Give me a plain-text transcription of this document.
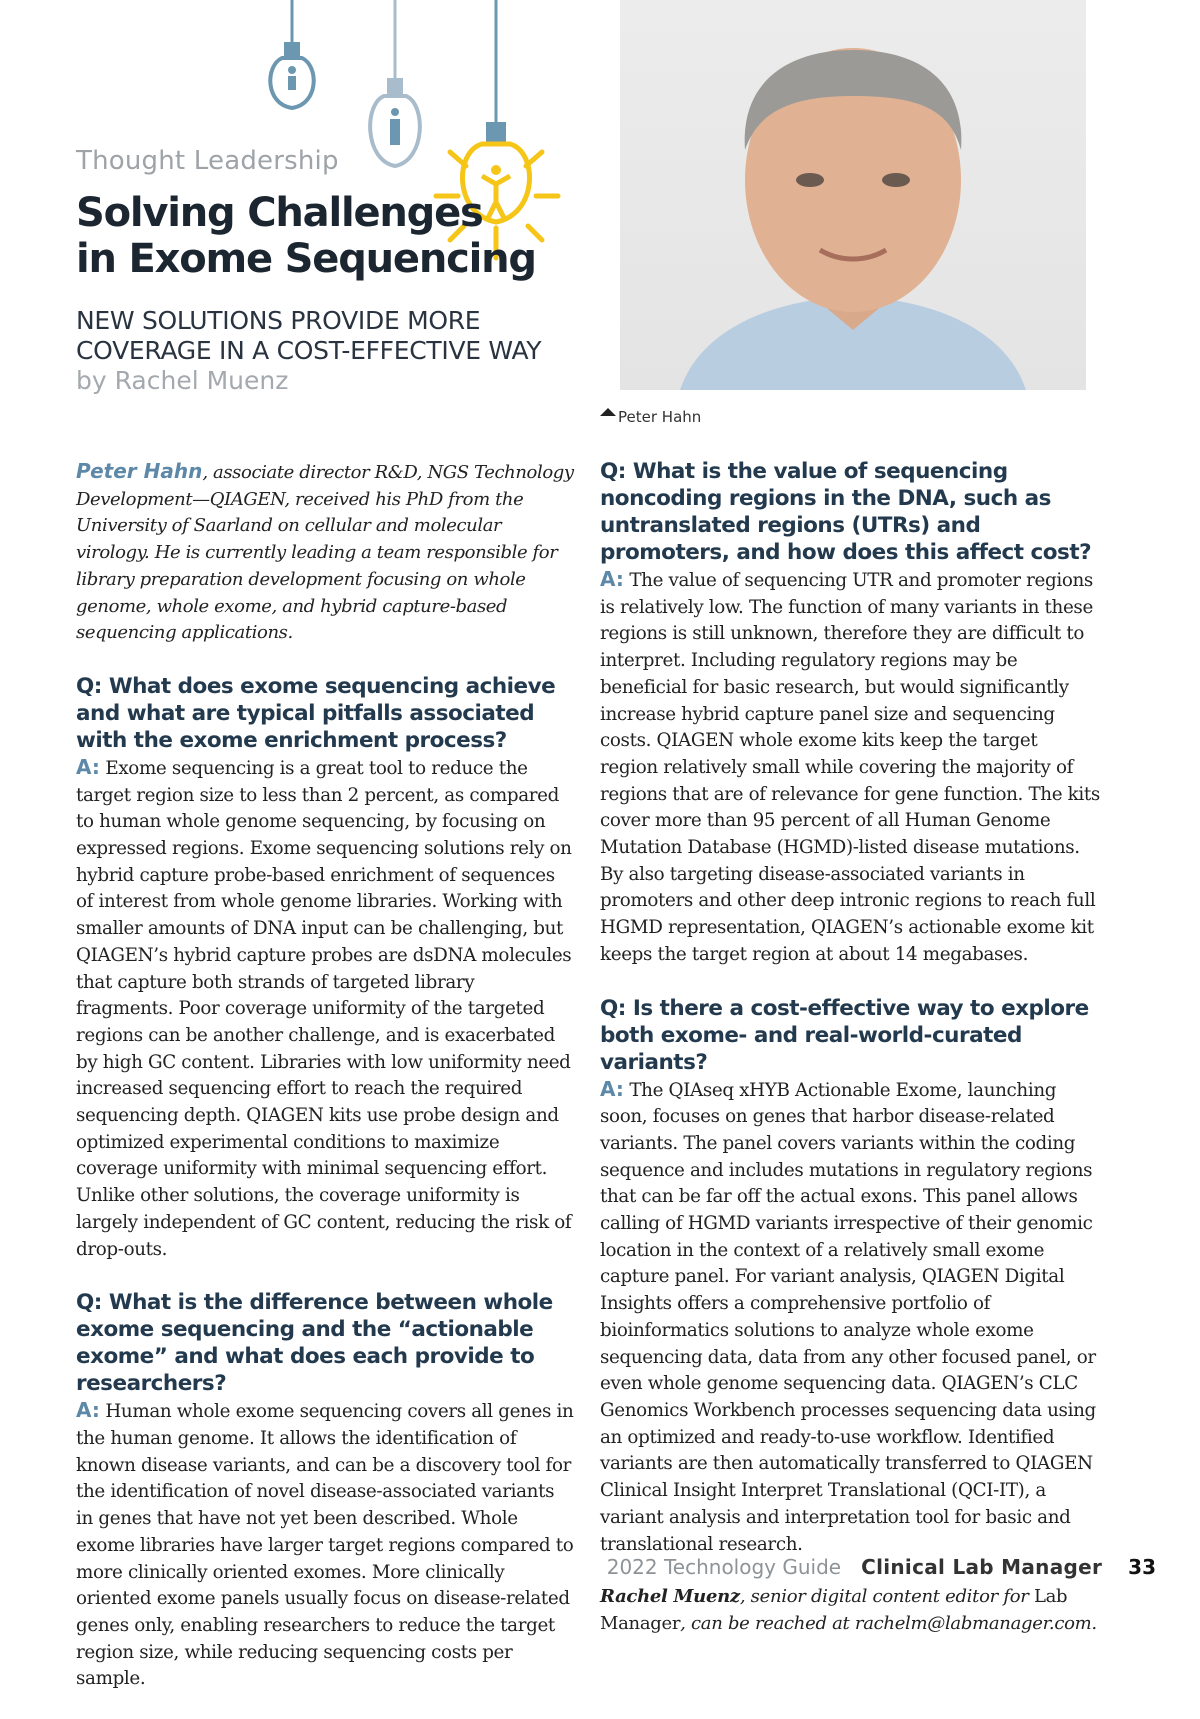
Thought Leadership
Solving Challenges
in Exome Sequencing
NEW SOLUTIONS PROVIDE MORE
COVERAGE IN A COST-EFFECTIVE WAY
by Rachel Muenz
Peter Hahn

Peter Hahn, associate director R&D, NGS Technology Development—QIAGEN, received his PhD from the University of Saarland on cellular and molecular virology. He is currently leading a team responsible for library preparation development focusing on whole genome, whole exome, and hybrid capture-based sequencing applications.

Q: What does exome sequencing achieve and what are typical pitfalls associated with the exome enrichment process?

A: Exome sequencing is a great tool to reduce the target region size to less than 2 percent, as compared to human whole genome sequencing, by focusing on expressed regions. Exome sequencing solutions rely on hybrid capture probe-based enrichment of sequences of interest from whole genome libraries. Working with smaller amounts of DNA input can be challenging, but QIAGEN’s hybrid capture probes are dsDNA molecules that capture both strands of targeted library fragments. Poor coverage uniformity of the targeted regions can be another challenge, and is exacerbated by high GC content. Libraries with low uniformity need increased sequencing effort to reach the required sequencing depth. QIAGEN kits use probe design and optimized experimental conditions to maximize coverage uniformity with minimal sequencing effort. Unlike other solutions, the coverage uniformity is largely independent of GC content, reducing the risk of drop-outs.

Q: What is the difference between whole exome sequencing and the “actionable exome” and what does each provide to researchers?

A: Human whole exome sequencing covers all genes in the human genome. It allows the identification of known disease variants, and can be a discovery tool for the identification of novel disease-associated variants in genes that have not yet been described. Whole exome libraries have larger target regions compared to more clinically oriented exomes. More clinically oriented exome panels usually focus on disease-related genes only, enabling researchers to reduce the target region size, while reducing sequencing costs per sample.

Q: What is the value of sequencing noncoding regions in the DNA, such as untranslated regions (UTRs) and promoters, and how does this affect cost?

A: The value of sequencing UTR and promoter regions is relatively low. The function of many variants in these regions is still unknown, therefore they are difficult to interpret. Including regulatory regions may be beneficial for basic research, but would significantly increase hybrid capture panel size and sequencing costs. QIAGEN whole exome kits keep the target region relatively small while covering the majority of regions that are of relevance for gene function. The kits cover more than 95 percent of all Human Genome Mutation Database (HGMD)-listed disease mutations. By also targeting disease-associated variants in promoters and other deep intronic regions to reach full HGMD representation, QIAGEN’s actionable exome kit keeps the target region at about 14 megabases.

Q: Is there a cost-effective way to explore both exome- and real-world-curated variants?

A: The QIAseq xHYB Actionable Exome, launching soon, focuses on genes that harbor disease-related variants. The panel covers variants within the coding sequence and includes mutations in regulatory regions that can be far off the actual exons. This panel allows calling of HGMD variants irrespective of their genomic location in the context of a relatively small exome capture panel. For variant analysis, QIAGEN Digital Insights offers a comprehensive portfolio of bioinformatics solutions to analyze whole exome sequencing data, data from any other focused panel, or even whole genome sequencing data. QIAGEN’s CLC Genomics Workbench processes sequencing data using an optimized and ready-to-use workflow. Identified variants are then automatically transferred to QIAGEN Clinical Insight Interpret Translational (QCI-IT), a variant analysis and interpretation tool for basic and translational research.

Rachel Muenz, senior digital content editor for Lab Manager, can be reached at rachelm@labmanager.com.

2022 Technology Guide Clinical Lab Manager 33
